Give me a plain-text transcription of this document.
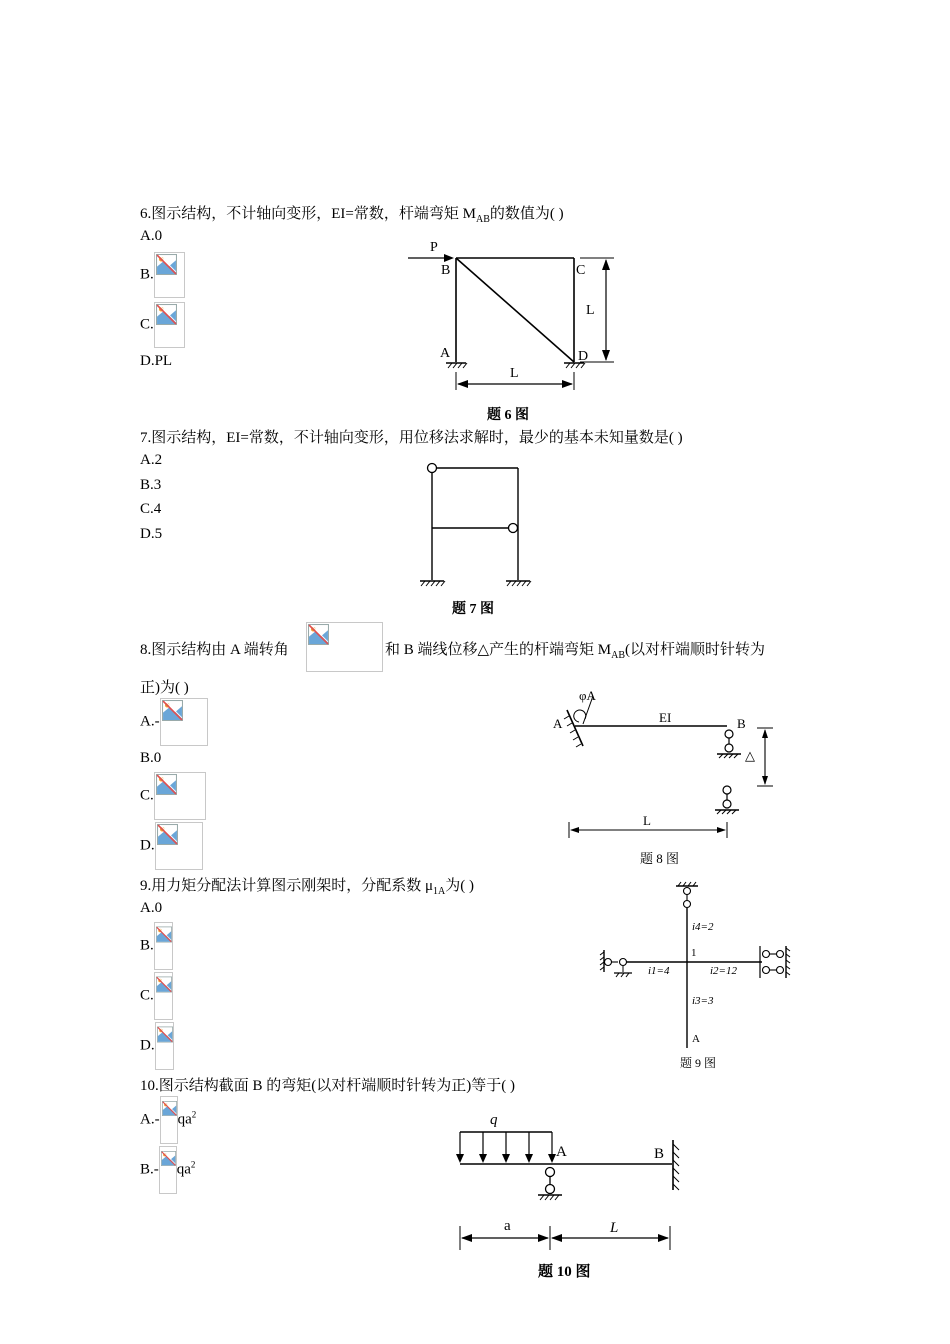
6.图示结构，不计轴向变形，EI=常数，杆端弯矩 $M_{AB}$的数值为( )
A.0
B.
C.
D.PL
P
B	C
L
A	D
L
题 6 图
7.图示结构，EI=常数，不计轴向变形，用位移法求解时，最少的基本未知量数是( )
A.2
B.3
C.4
D.5
题 7 图
8.图示结构由 A 端转角	和 B 端线位移△产生的杆端弯矩 $M_{AB}$(以对杆端顺时针转为
正)为( )
A.-
B.0
C.
D.
φA
A	EI	B
△
L
题 8 图
9.用力矩分配法计算图示刚架时，分配系数 $\mu_{1A}$为( )
A.0
B.
C.
D.
i4=2
1
i1=4	i2=12
i3=3
A
题 9 图
10.图示结构截面 B 的弯矩(以对杆端顺时针转为正)等于( )
A.- $qa^2$
B.- $qa^2$
q
A	B
a	L
题 10 图
